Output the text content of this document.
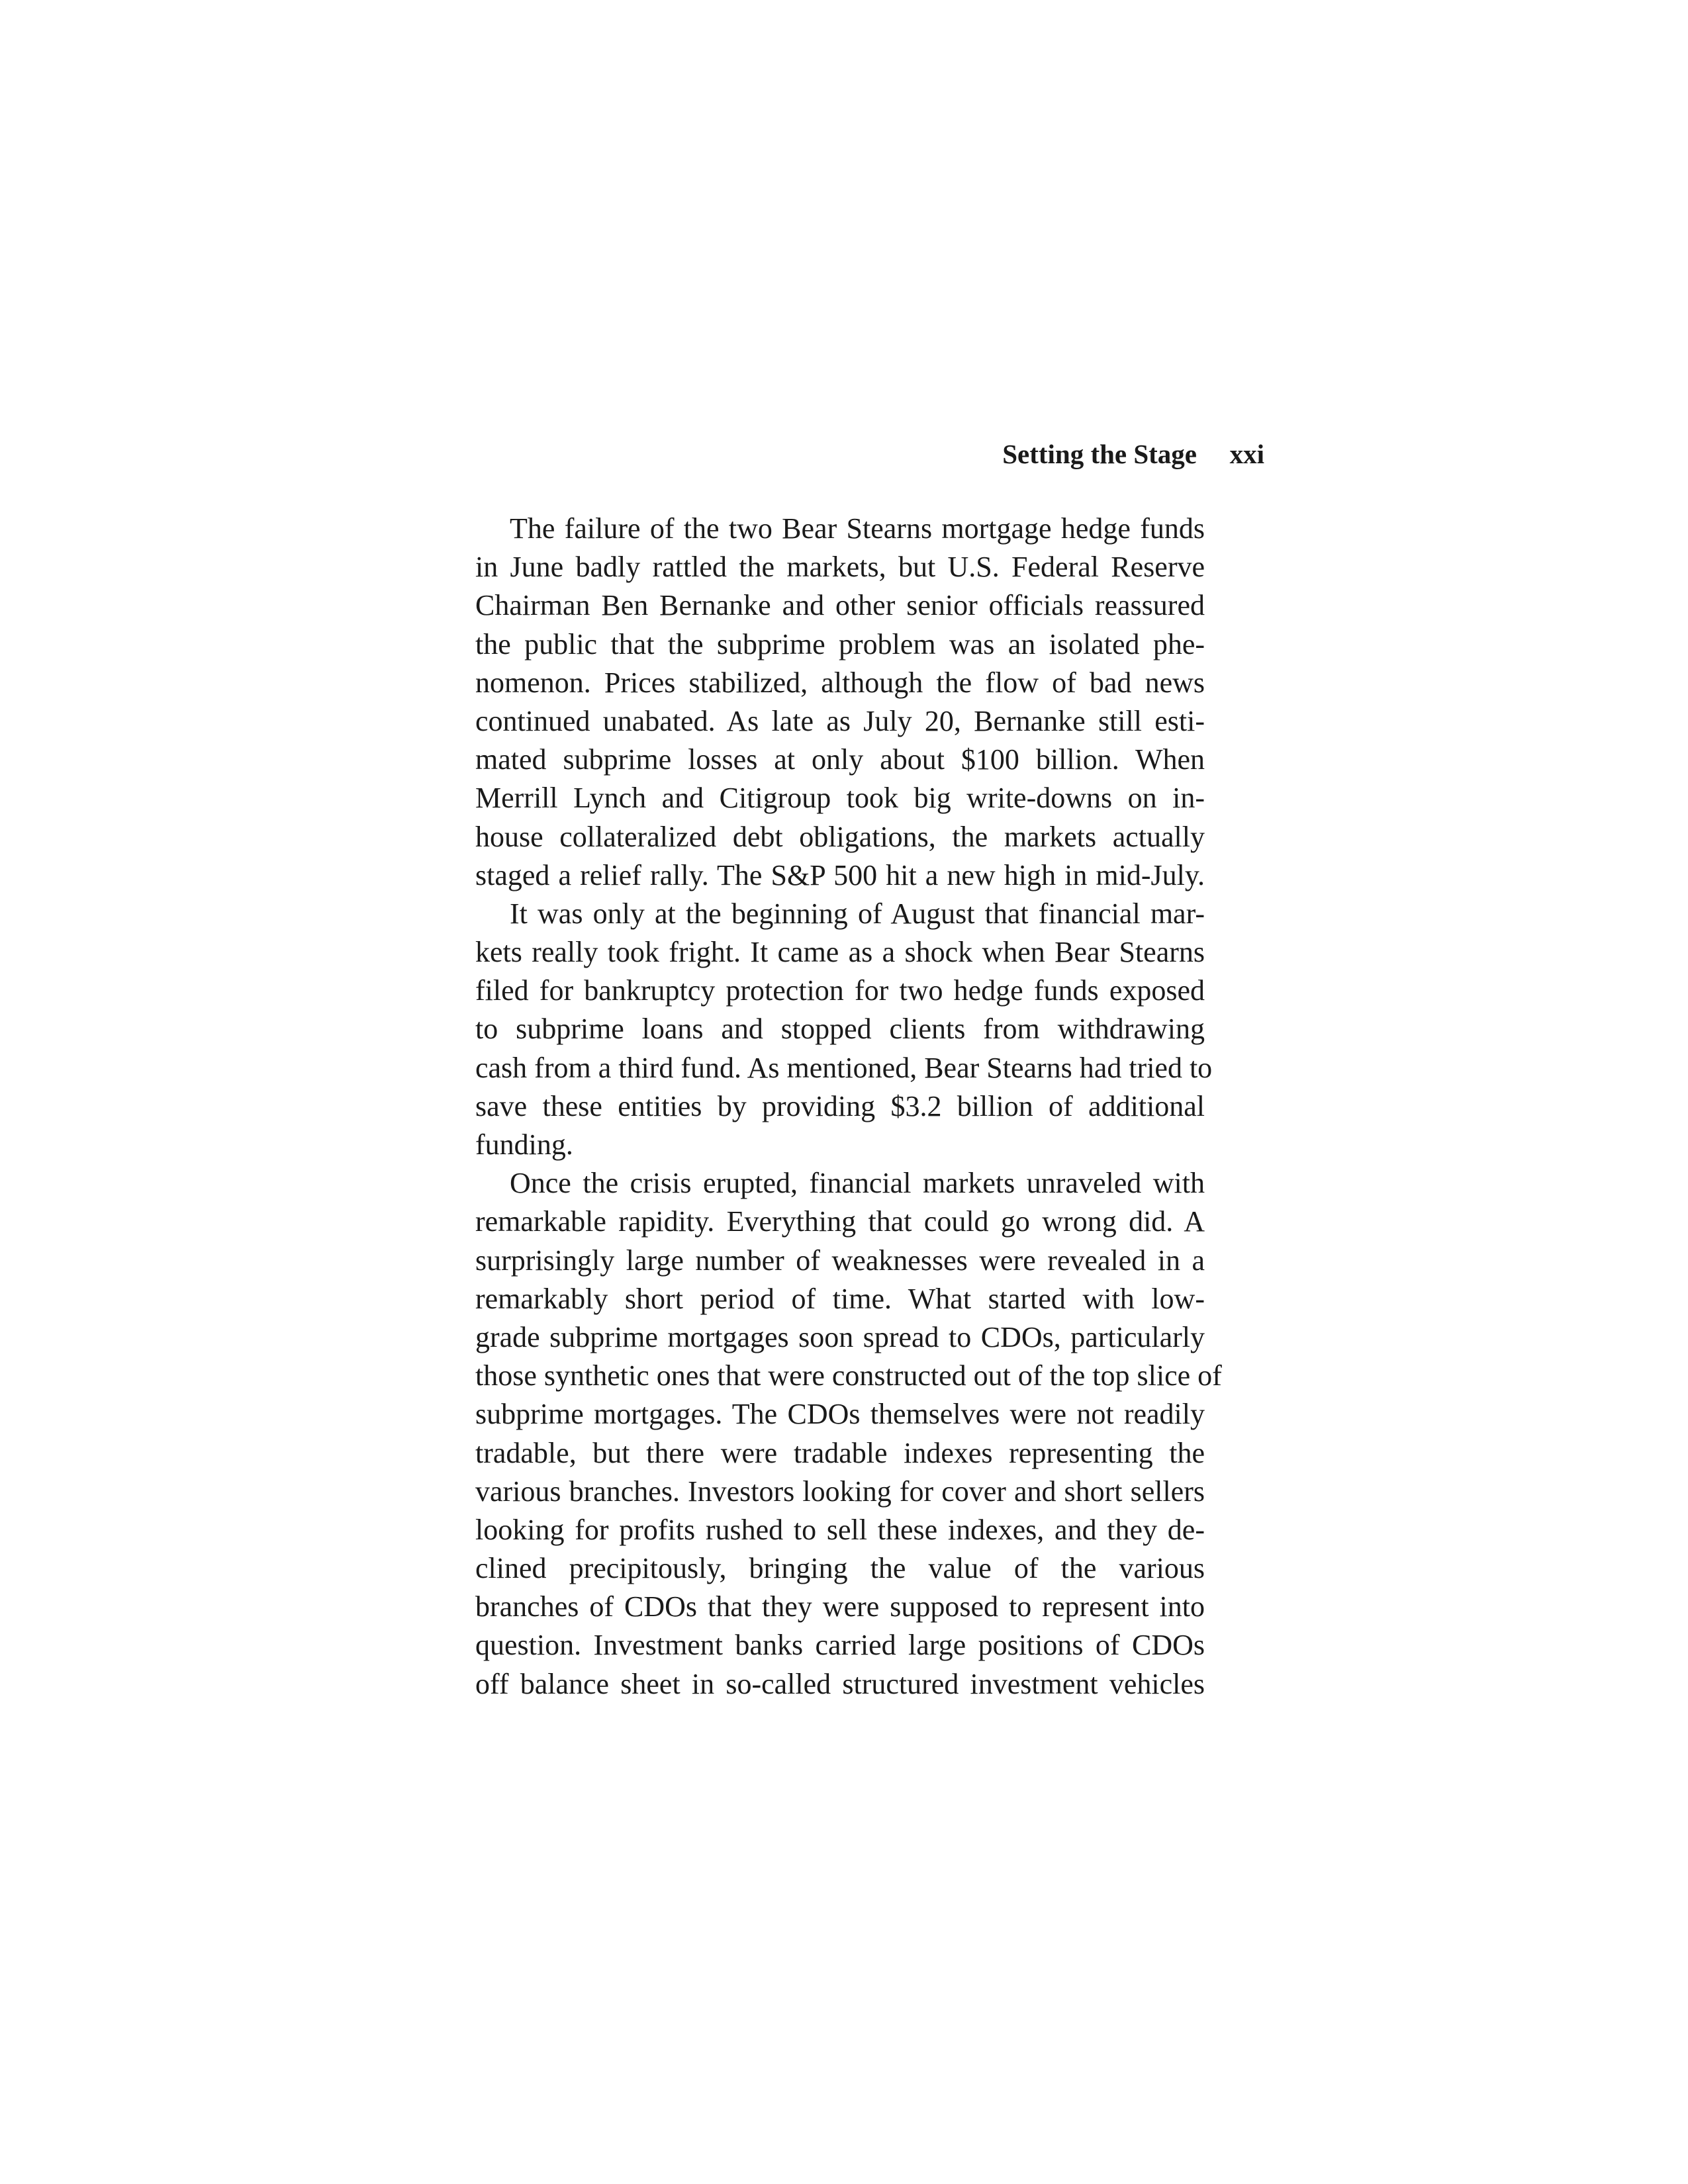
Setting the Stage xxi
The failure of the two Bear Stearns mortgage hedge funds
in June badly rattled the markets, but U.S. Federal Reserve
Chairman Ben Bernanke and other senior officials reassured
the public that the subprime problem was an isolated phe-
nomenon. Prices stabilized, although the flow of bad news
continued unabated. As late as July 20, Bernanke still esti-
mated subprime losses at only about $100 billion. When
Merrill Lynch and Citigroup took big write-downs on in-
house collateralized debt obligations, the markets actually
staged a relief rally. The S&P 500 hit a new high in mid-July.
It was only at the beginning of August that financial mar-
kets really took fright. It came as a shock when Bear Stearns
filed for bankruptcy protection for two hedge funds exposed
to subprime loans and stopped clients from withdrawing
cash from a third fund. As mentioned, Bear Stearns had tried to
save these entities by providing $3.2 billion of additional
funding.
Once the crisis erupted, financial markets unraveled with
remarkable rapidity. Everything that could go wrong did. A
surprisingly large number of weaknesses were revealed in a
remarkably short period of time. What started with low-
grade subprime mortgages soon spread to CDOs, particularly
those synthetic ones that were constructed out of the top slice of
subprime mortgages. The CDOs themselves were not readily
tradable, but there were tradable indexes representing the
various branches. Investors looking for cover and short sellers
looking for profits rushed to sell these indexes, and they de-
clined precipitously, bringing the value of the various
branches of CDOs that they were supposed to represent into
question. Investment banks carried large positions of CDOs
off balance sheet in so-called structured investment vehicles
